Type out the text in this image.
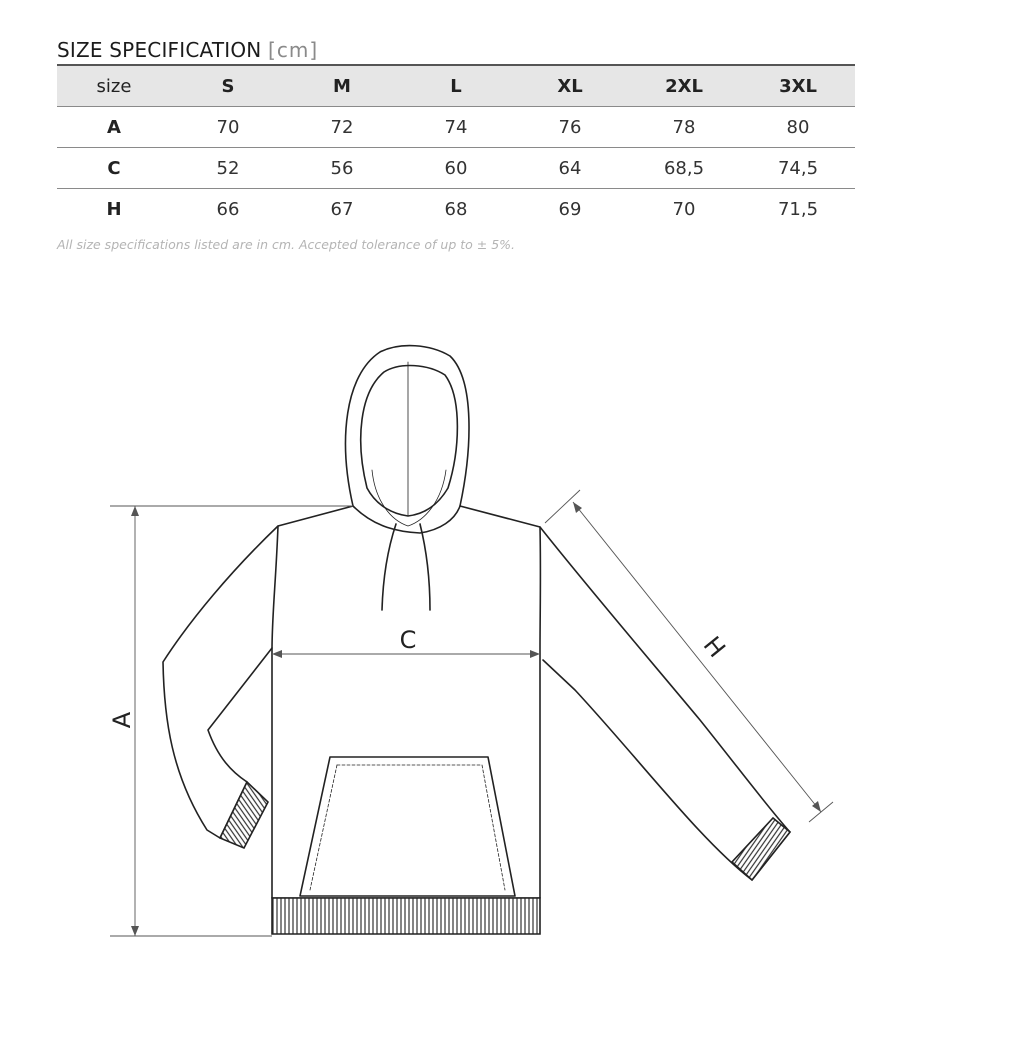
SIZE SPECIFICATION [cm]
size	S	M	L	XL	2XL	3XL
A	70	72	74	76	78	80
C	52	56	60	64	68,5	74,5
H	66	67	68	69	70	71,5
All size specifications listed are in cm. Accepted tolerance of up to ± 5%.
A
C	H
